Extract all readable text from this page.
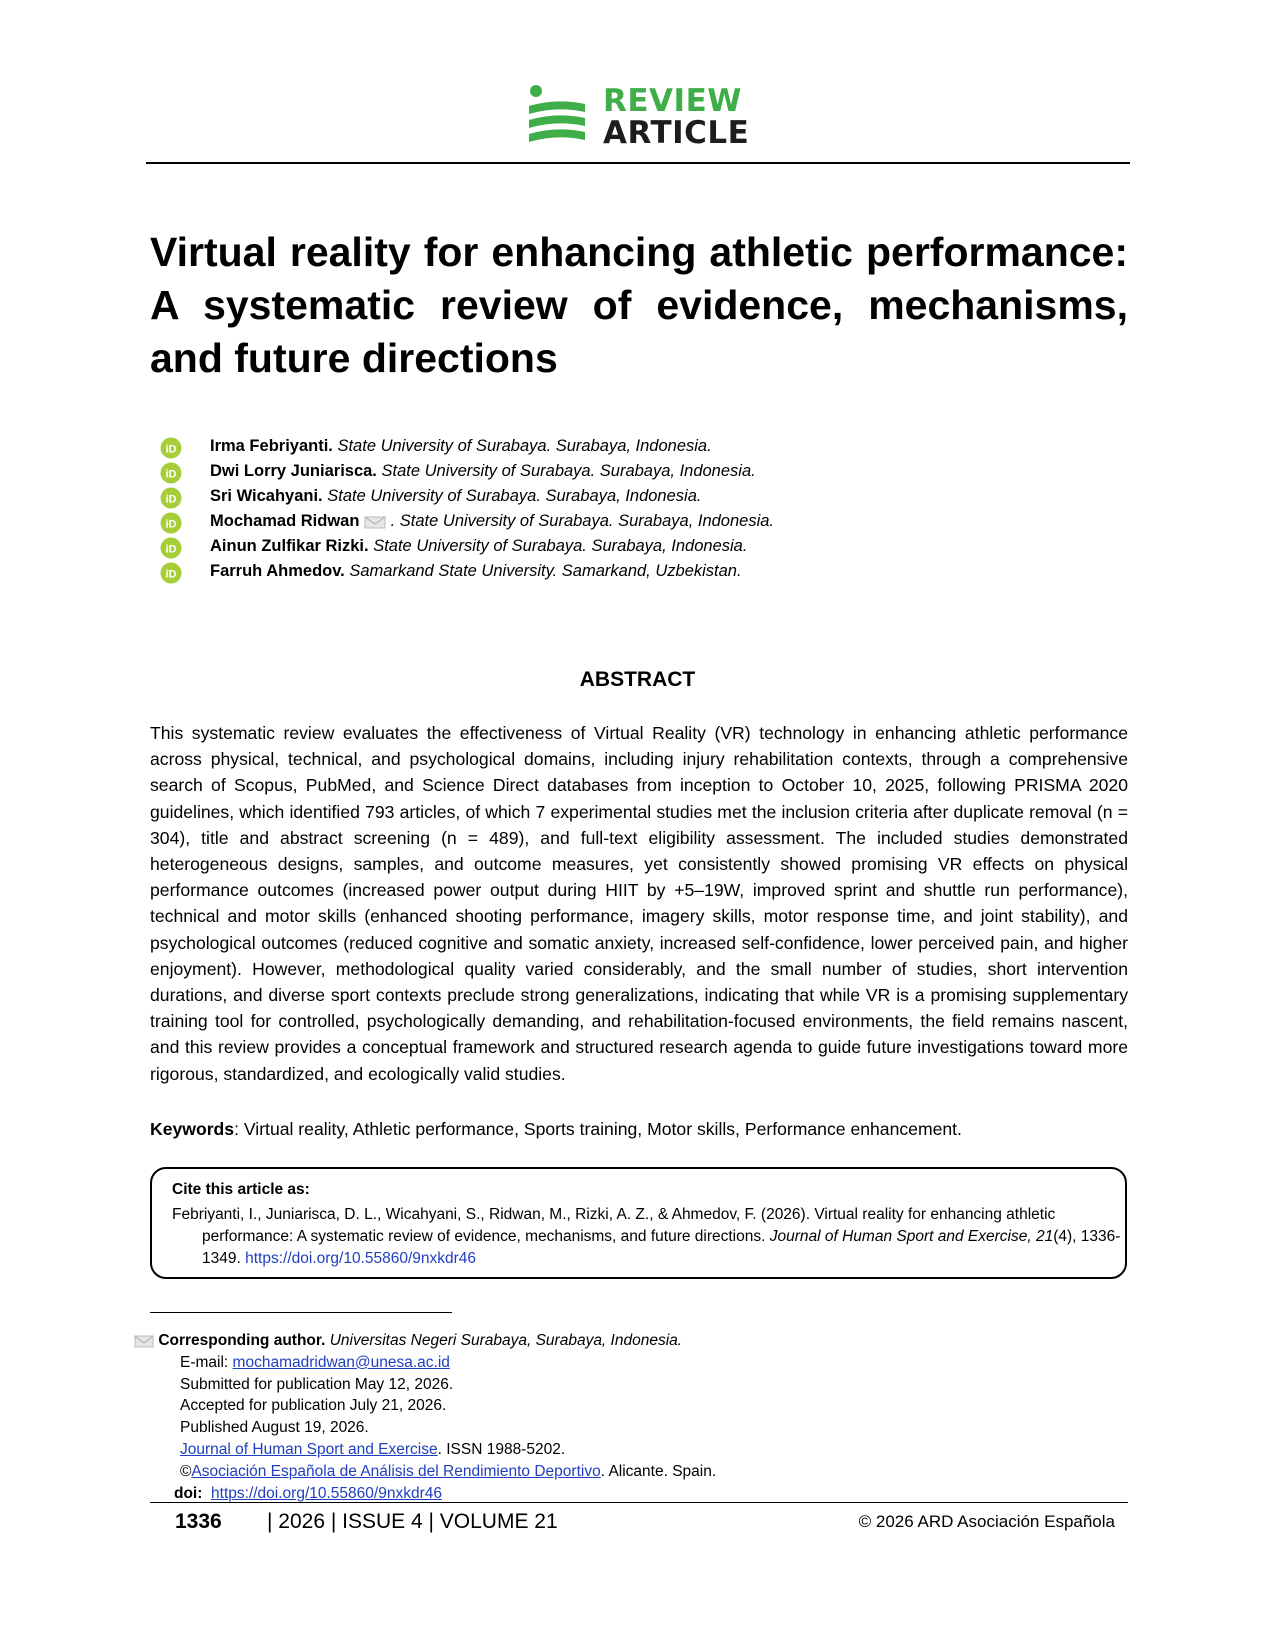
REVIEW
ARTICLE
Virtual reality for enhancing athletic performance: A systematic review of evidence, mechanisms, and future directions
iD Irma Febriyanti. State University of Surabaya. Surabaya, Indonesia.
iD Dwi Lorry Juniarisca. State University of Surabaya. Surabaya, Indonesia.
iD Sri Wicahyani. State University of Surabaya. Surabaya, Indonesia.
iD Mochamad Ridwan . State University of Surabaya. Surabaya, Indonesia.
iD Ainun Zulfikar Rizki. State University of Surabaya. Surabaya, Indonesia.
iD Farruh Ahmedov. Samarkand State University. Samarkand, Uzbekistan.
ABSTRACT
This systematic review evaluates the effectiveness of Virtual Reality (VR) technology in enhancing athletic performance across physical, technical, and psychological domains, including injury rehabilitation contexts, through a comprehensive search of Scopus, PubMed, and Science Direct databases from inception to October 10, 2025, following PRISMA 2020 guidelines, which identified 793 articles, of which 7 experimental studies met the inclusion criteria after duplicate removal (n = 304), title and abstract screening (n = 489), and full-text eligibility assessment. The included studies demonstrated heterogeneous designs, samples, and outcome measures, yet consistently showed promising VR effects on physical performance outcomes (increased power output during HIIT by +5–19W, improved sprint and shuttle run performance), technical and motor skills (enhanced shooting performance, imagery skills, motor response time, and joint stability), and psychological outcomes (reduced cognitive and somatic anxiety, increased self-confidence, lower perceived pain, and higher enjoyment). However, methodological quality varied considerably, and the small number of studies, short intervention durations, and diverse sport contexts preclude strong generalizations, indicating that while VR is a promising supplementary training tool for controlled, psychologically demanding, and rehabilitation-focused environments, the field remains nascent, and this review provides a conceptual framework and structured research agenda to guide future investigations toward more rigorous, standardized, and ecologically valid studies.
Keywords: Virtual reality, Athletic performance, Sports training, Motor skills, Performance enhancement.
Cite this article as:
Febriyanti, I., Juniarisca, D. L., Wicahyani, S., Ridwan, M., Rizki, A. Z., & Ahmedov, F. (2026). Virtual reality for enhancing athletic performance: A systematic review of evidence, mechanisms, and future directions. Journal of Human Sport and Exercise, 21(4), 1336-1349. https://doi.org/10.55860/9nxkdr46
Corresponding author. Universitas Negeri Surabaya, Surabaya, Indonesia.
E-mail: mochamadridwan@unesa.ac.id
Submitted for publication May 12, 2026.
Accepted for publication July 21, 2026.
Published August 19, 2026.
Journal of Human Sport and Exercise. ISSN 1988-5202.
©Asociación Española de Análisis del Rendimiento Deportivo. Alicante. Spain.
doi: https://doi.org/10.55860/9nxkdr46
1336 | 2026 | ISSUE 4 | VOLUME 21	© 2026 ARD Asociación Española
